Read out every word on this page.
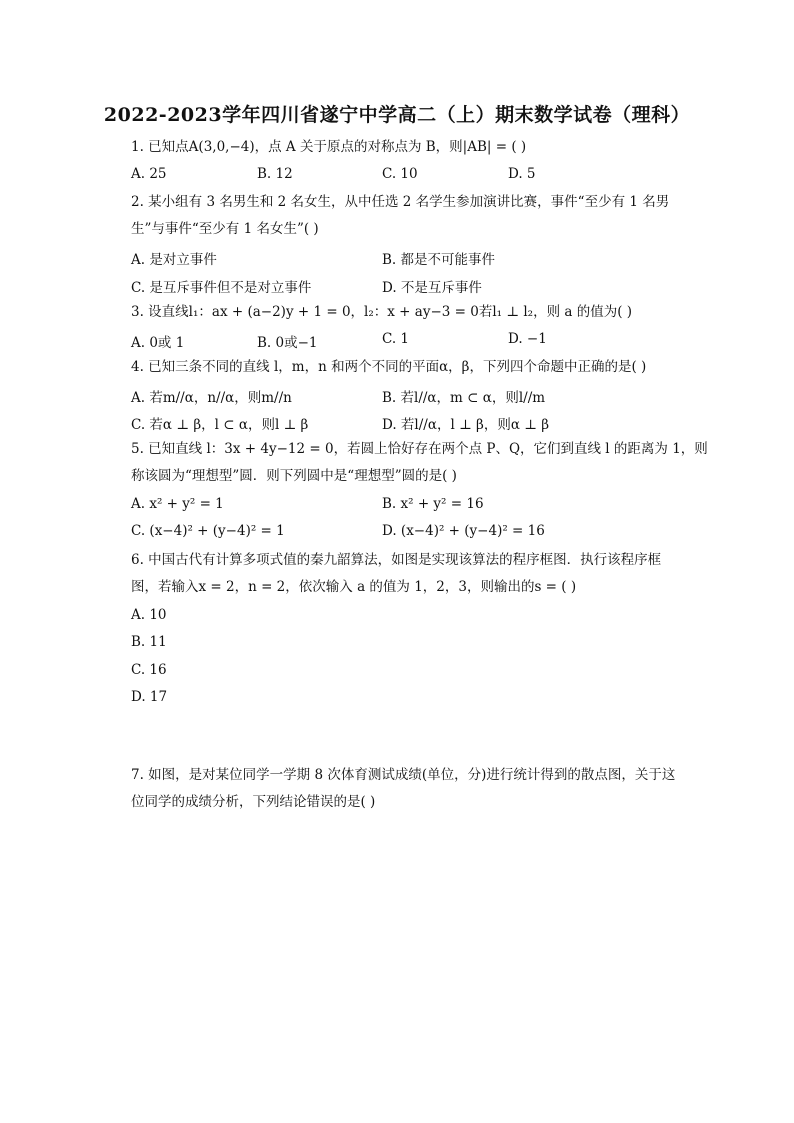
2022-2023学年四川省遂宁中学高二（上）期末数学试卷（理科）
1. 已知点A(3,0,−4)，点 A 关于原点的对称点为 B，则|AB| = ( )
A. 25	B. 12	C. 10	D. 5
2. 某小组有 3 名男生和 2 名女生，从中任选 2 名学生参加演讲比赛，事件“至少有 1 名男
生”与事件“至少有 1 名女生”( )
A. 是对立事件	B. 都是不可能事件
C. 是互斥事件但不是对立事件	D. 不是互斥事件
3. 设直线l₁：ax + (a−2)y + 1 = 0，l₂：x + ay−3 = 0若l₁ ⊥ l₂，则 a 的值为( )
A. 0或 1	B. 0或−1	C. 1	D. −1
4. 已知三条不同的直线 l，m，n 和两个不同的平面α，β，下列四个命题中正确的是( )
A. 若m//α，n//α，则m//n	B. 若l//α，m ⊂ α，则l//m
C. 若α ⊥ β，l ⊂ α，则l ⊥ β	D. 若l//α，l ⊥ β，则α ⊥ β
5. 已知直线 l：3x + 4y−12 = 0，若圆上恰好存在两个点 P、Q，它们到直线 l 的距离为 1，则
称该圆为“理想型”圆．则下列圆中是“理想型”圆的是( )
A. x² + y² = 1	B. x² + y² = 16
C. (x−4)² + (y−4)² = 1	D. (x−4)² + (y−4)² = 16
6. 中国古代有计算多项式值的秦九韶算法，如图是实现该算法的程序框图．执行该程序框
图，若输入x = 2，n = 2，依次输入 a 的值为 1，2，3，则输出的s = ( )
A. 10
B. 11
C. 16
D. 17
7. 如图，是对某位同学一学期 8 次体育测试成绩(单位，分)进行统计得到的散点图，关于这
位同学的成绩分析，下列结论错误的是( )
